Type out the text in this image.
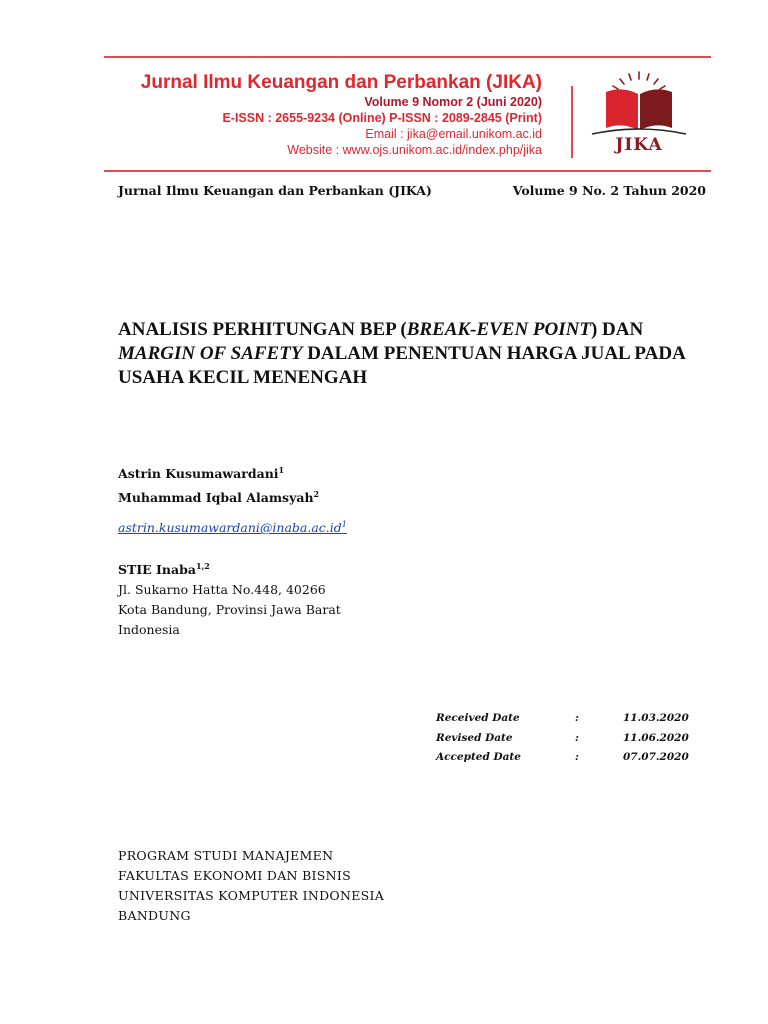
Jurnal Ilmu Keuangan dan Perbankan (JIKA)
Volume 9 Nomor 2 (Juni 2020)
E-ISSN : 2655-9234 (Online) P-ISSN : 2089-2845 (Print)
Email : jika@email.unikom.ac.id
Website : www.ojs.unikom.ac.id/index.php/jika	JIKA
Jurnal Ilmu Keuangan dan Perbankan (JIKA)	Volume 9 No. 2 Tahun 2020
ANALISIS PERHITUNGAN BEP (BREAK-EVEN POINT) DAN
MARGIN OF SAFETY DALAM PENENTUAN HARGA JUAL PADA
USAHA KECIL MENENGAH
Astrin Kusumawardani$^1$
Muhammad Iqbal Alamsyah$^2$
$astrin.kusumawardani@inaba.ac.id^1$
STIE Inaba$^{1,2}$
Jl. Sukarno Hatta No.448, 40266
Kota Bandung, Provinsi Jawa Barat
Indonesia
Received Date	:	11.03.2020
Revised Date	:	11.06.2020
Accepted Date	:	07.07.2020
PROGRAM STUDI MANAJEMEN
FAKULTAS EKONOMI DAN BISNIS
UNIVERSITAS KOMPUTER INDONESIA
BANDUNG
